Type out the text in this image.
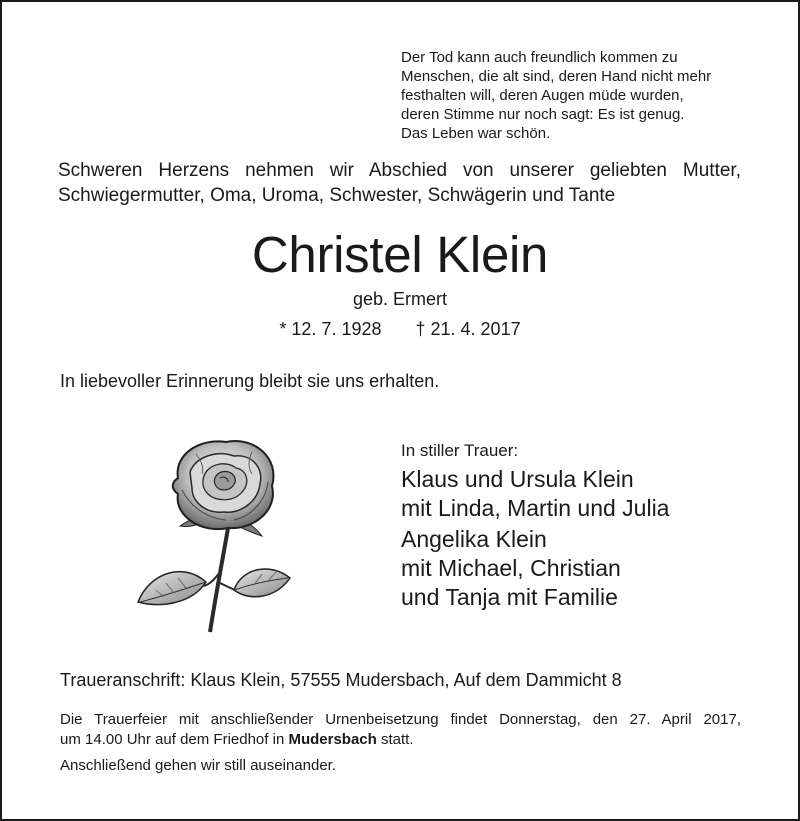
Der Tod kann auch freundlich kommen zu
Menschen, die alt sind, deren Hand nicht mehr
festhalten will, deren Augen müde wurden,
deren Stimme nur noch sagt: Es ist genug.
Das Leben war schön.
Schweren Herzens nehmen wir Abschied von unserer geliebten Mutter,
Schwiegermutter, Oma, Uroma, Schwester, Schwägerin und Tante
Christel Klein
geb. Ermert
* 12. 7. 1928 † 21. 4. 2017
In liebevoller Erinnerung bleibt sie uns erhalten.
In stiller Trauer:
Klaus und Ursula Klein
mit Linda, Martin und Julia
Angelika Klein
mit Michael, Christian
und Tanja mit Familie
Traueranschrift: Klaus Klein, 57555 Mudersbach, Auf dem Dammicht 8
Die Trauerfeier mit anschließender Urnenbeisetzung findet Donnerstag, den 27. April 2017,
um 14.00 Uhr auf dem Friedhof in Mudersbach statt.
Anschließend gehen wir still auseinander.
